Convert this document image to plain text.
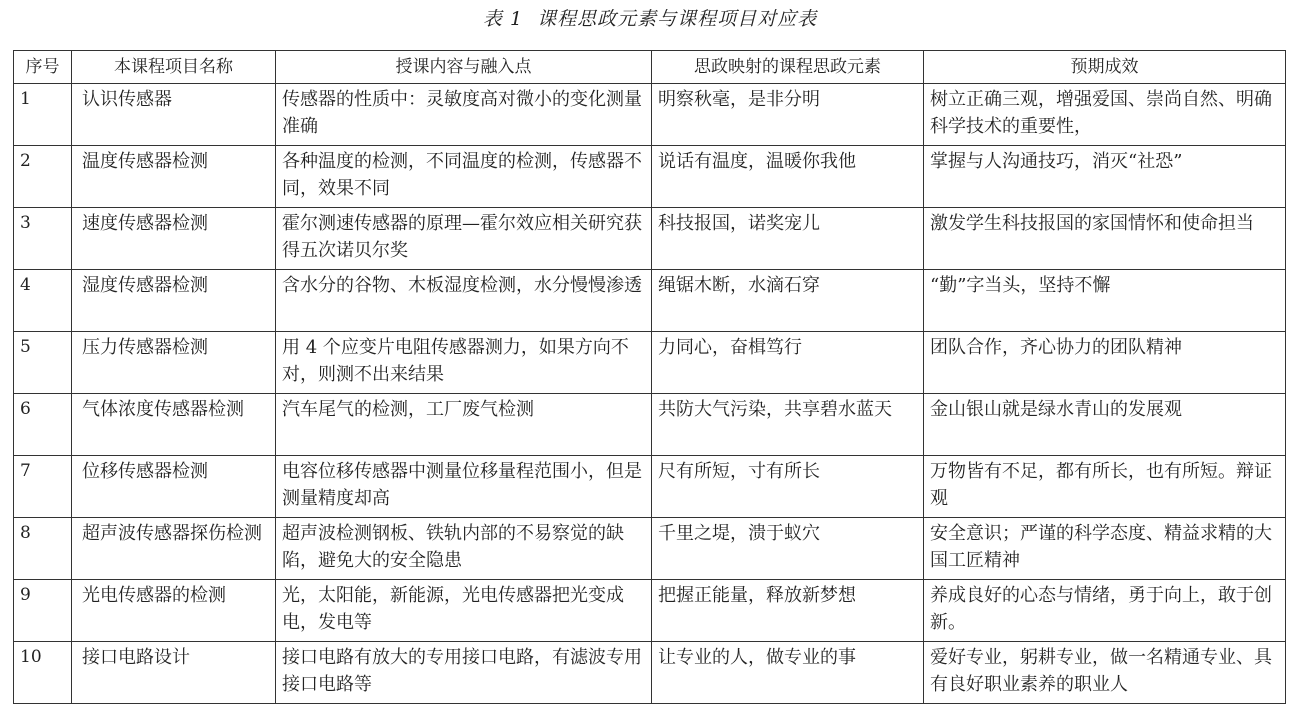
表 1 课程思政元素与课程项目对应表
序号	本课程项目名称	授课内容与融入点	思政映射的课程思政元素	预期成效
1	认识传感器	传感器的性质中：灵敏度高对微小的变化测量准确	明察秋毫，是非分明	树立正确三观，增强爱国、崇尚自然、明确科学技术的重要性，
2	温度传感器检测	各种温度的检测，不同温度的检测，传感器不同，效果不同	说话有温度，温暖你我他	掌握与人沟通技巧，消灭“社恐”
3	速度传感器检测	霍尔测速传感器的原理—霍尔效应相关研究获得五次诺贝尔奖	科技报国，诺奖宠儿	激发学生科技报国的家国情怀和使命担当
4	湿度传感器检测	含水分的谷物、木板湿度检测，水分慢慢渗透	绳锯木断，水滴石穿	“勤”字当头，坚持不懈
5	压力传感器检测	用 4 个应变片电阻传感器测力，如果方向不对，则测不出来结果	力同心，奋楫笃行	团队合作，齐心协力的团队精神
6	气体浓度传感器检测	汽车尾气的检测，工厂废气检测	共防大气污染，共享碧水蓝天	金山银山就是绿水青山的发展观
7	位移传感器检测	电容位移传感器中测量位移量程范围小，但是测量精度却高	尺有所短，寸有所长	万物皆有不足，都有所长，也有所短。辩证观
8	超声波传感器探伤检测	超声波检测钢板、铁轨内部的不易察觉的缺陷，避免大的安全隐患	千里之堤，溃于蚁穴	安全意识；严谨的科学态度、精益求精的大国工匠精神
9	光电传感器的检测	光，太阳能，新能源，光电传感器把光变成电，发电等	把握正能量，释放新梦想	养成良好的心态与情绪，勇于向上，敢于创新。
10	接口电路设计	接口电路有放大的专用接口电路，有滤波专用接口电路等	让专业的人，做专业的事	爱好专业，躬耕专业，做一名精通专业、具有良好职业素养的职业人
